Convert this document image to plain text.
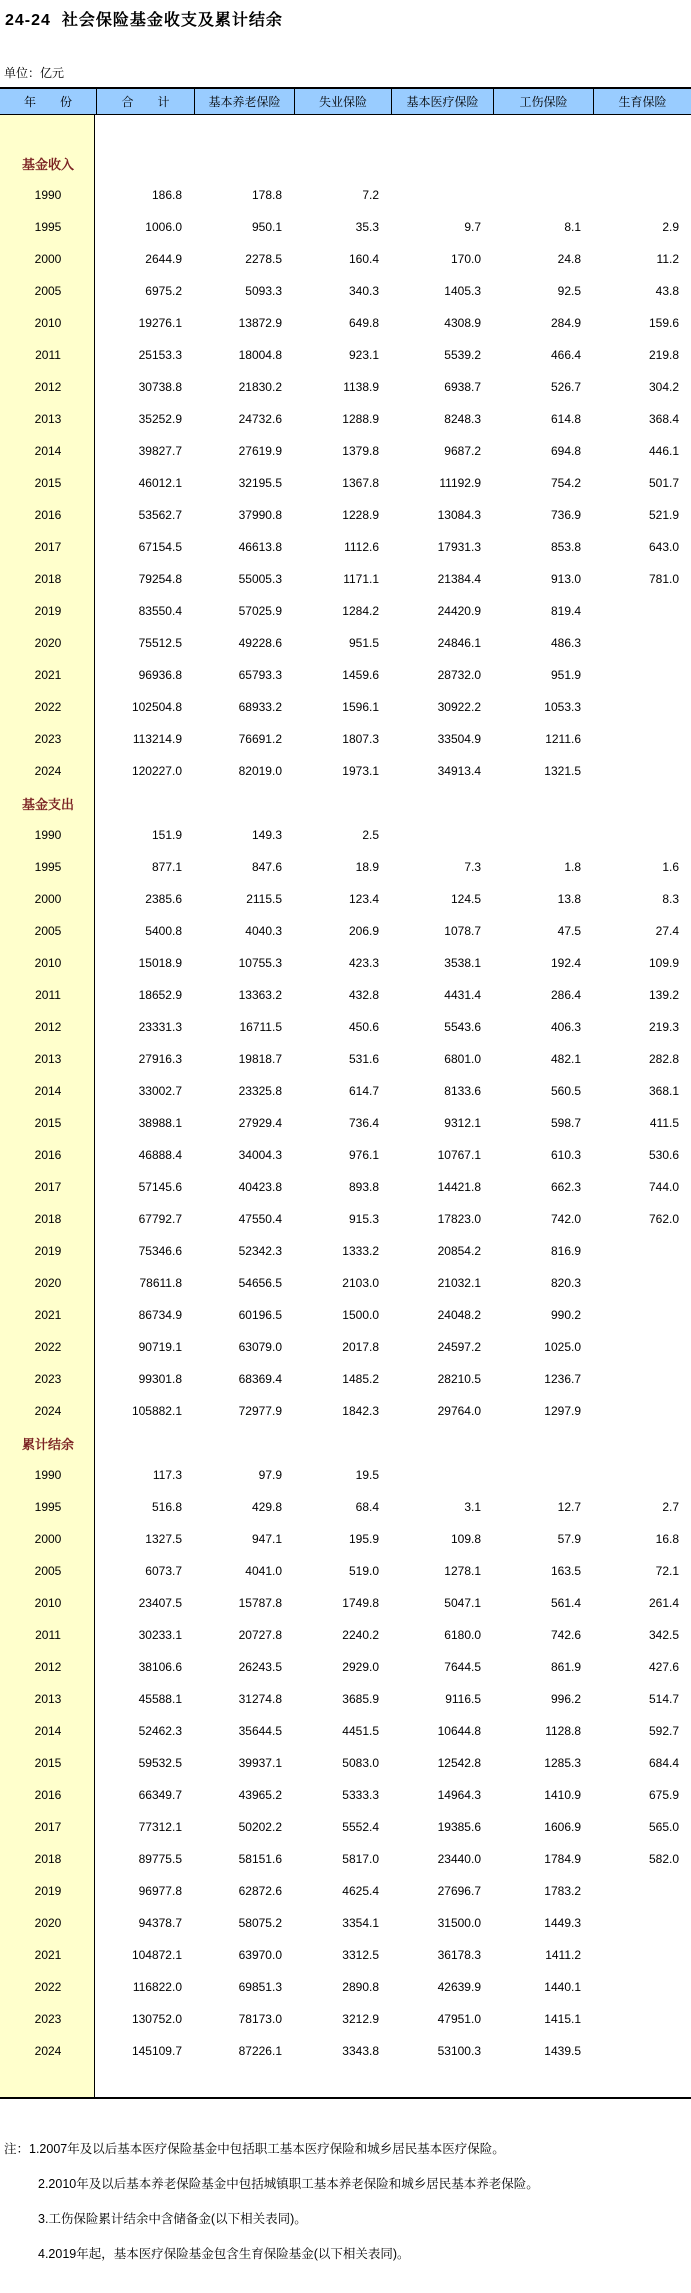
24-24  社会保险基金收支及累计结余
单位：亿元
年　　份	合　　计	基本养老保险	失业保险	基本医疗保险	工伤保险	生育保险
基金收入
1990	186.8	178.8	7.2
1995	1006.0	950.1	35.3	9.7	8.1	2.9
2000	2644.9	2278.5	160.4	170.0	24.8	11.2
2005	6975.2	5093.3	340.3	1405.3	92.5	43.8
2010	19276.1	13872.9	649.8	4308.9	284.9	159.6
2011	25153.3	18004.8	923.1	5539.2	466.4	219.8
2012	30738.8	21830.2	1138.9	6938.7	526.7	304.2
2013	35252.9	24732.6	1288.9	8248.3	614.8	368.4
2014	39827.7	27619.9	1379.8	9687.2	694.8	446.1
2015	46012.1	32195.5	1367.8	11192.9	754.2	501.7
2016	53562.7	37990.8	1228.9	13084.3	736.9	521.9
2017	67154.5	46613.8	1112.6	17931.3	853.8	643.0
2018	79254.8	55005.3	1171.1	21384.4	913.0	781.0
2019	83550.4	57025.9	1284.2	24420.9	819.4
2020	75512.5	49228.6	951.5	24846.1	486.3
2021	96936.8	65793.3	1459.6	28732.0	951.9
2022	102504.8	68933.2	1596.1	30922.2	1053.3
2023	113214.9	76691.2	1807.3	33504.9	1211.6
2024	120227.0	82019.0	1973.1	34913.4	1321.5
基金支出
1990	151.9	149.3	2.5
1995	877.1	847.6	18.9	7.3	1.8	1.6
2000	2385.6	2115.5	123.4	124.5	13.8	8.3
2005	5400.8	4040.3	206.9	1078.7	47.5	27.4
2010	15018.9	10755.3	423.3	3538.1	192.4	109.9
2011	18652.9	13363.2	432.8	4431.4	286.4	139.2
2012	23331.3	16711.5	450.6	5543.6	406.3	219.3
2013	27916.3	19818.7	531.6	6801.0	482.1	282.8
2014	33002.7	23325.8	614.7	8133.6	560.5	368.1
2015	38988.1	27929.4	736.4	9312.1	598.7	411.5
2016	46888.4	34004.3	976.1	10767.1	610.3	530.6
2017	57145.6	40423.8	893.8	14421.8	662.3	744.0
2018	67792.7	47550.4	915.3	17823.0	742.0	762.0
2019	75346.6	52342.3	1333.2	20854.2	816.9
2020	78611.8	54656.5	2103.0	21032.1	820.3
2021	86734.9	60196.5	1500.0	24048.2	990.2
2022	90719.1	63079.0	2017.8	24597.2	1025.0
2023	99301.8	68369.4	1485.2	28210.5	1236.7
2024	105882.1	72977.9	1842.3	29764.0	1297.9
累计结余
1990	117.3	97.9	19.5
1995	516.8	429.8	68.4	3.1	12.7	2.7
2000	1327.5	947.1	195.9	109.8	57.9	16.8
2005	6073.7	4041.0	519.0	1278.1	163.5	72.1
2010	23407.5	15787.8	1749.8	5047.1	561.4	261.4
2011	30233.1	20727.8	2240.2	6180.0	742.6	342.5
2012	38106.6	26243.5	2929.0	7644.5	861.9	427.6
2013	45588.1	31274.8	3685.9	9116.5	996.2	514.7
2014	52462.3	35644.5	4451.5	10644.8	1128.8	592.7
2015	59532.5	39937.1	5083.0	12542.8	1285.3	684.4
2016	66349.7	43965.2	5333.3	14964.3	1410.9	675.9
2017	77312.1	50202.2	5552.4	19385.6	1606.9	565.0
2018	89775.5	58151.6	5817.0	23440.0	1784.9	582.0
2019	96977.8	62872.6	4625.4	27696.7	1783.2
2020	94378.7	58075.2	3354.1	31500.0	1449.3
2021	104872.1	63970.0	3312.5	36178.3	1411.2
2022	116822.0	69851.3	2890.8	42639.9	1440.1
2023	130752.0	78173.0	3212.9	47951.0	1415.1
2024	145109.7	87226.1	3343.8	53100.3	1439.5
注：1.2007年及以后基本医疗保险基金中包括职工基本医疗保险和城乡居民基本医疗保险。
2.2010年及以后基本养老保险基金中包括城镇职工基本养老保险和城乡居民基本养老保险。
3.工伤保险累计结余中含储备金(以下相关表同)。
4.2019年起，基本医疗保险基金包含生育保险基金(以下相关表同)。
